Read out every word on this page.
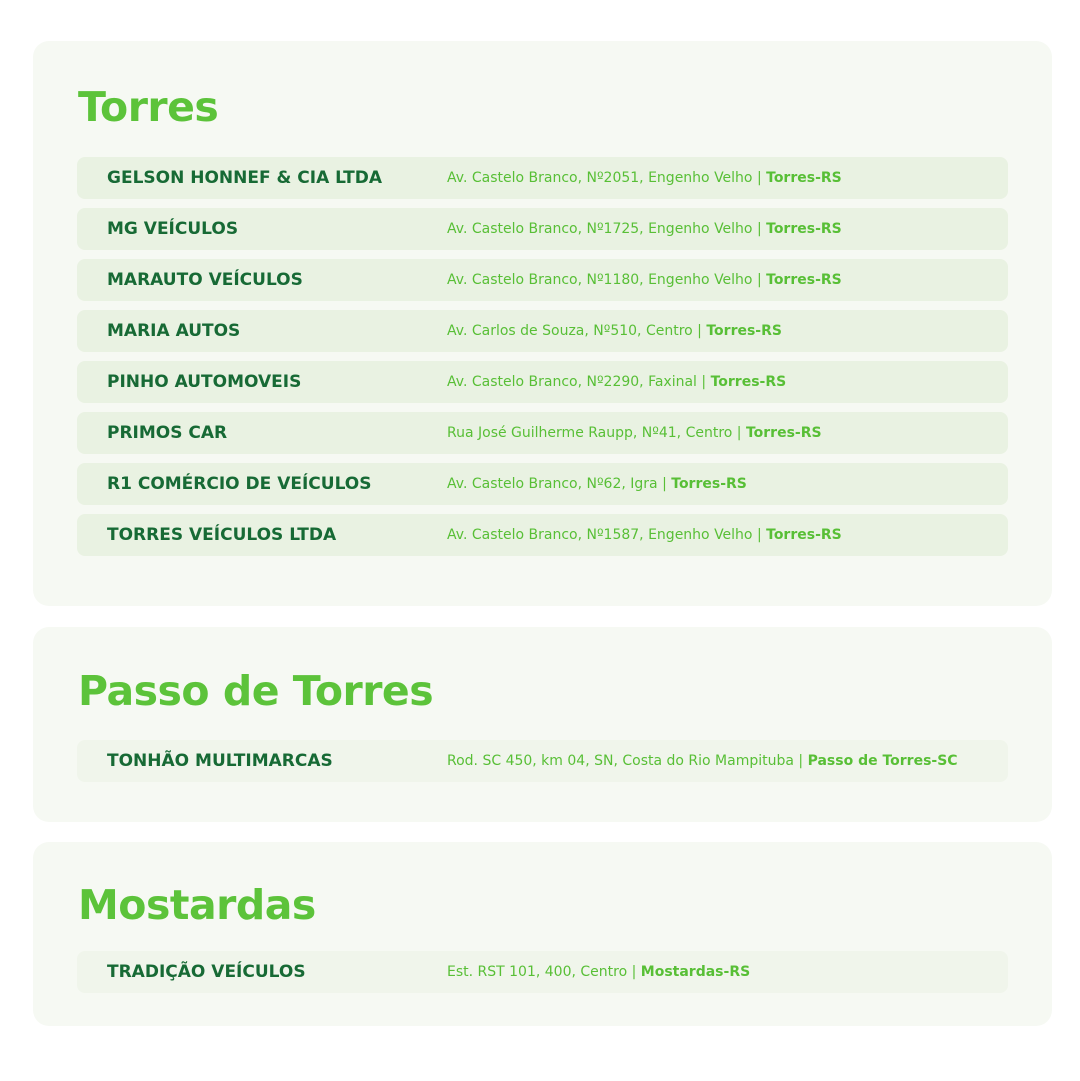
Torres
GELSON HONNEF & CIA LTDA	Av. Castelo Branco, Nº2051, Engenho Velho | Torres-RS
MG VEÍCULOS	Av. Castelo Branco, Nº1725, Engenho Velho | Torres-RS
MARAUTO VEÍCULOS	Av. Castelo Branco, Nº1180, Engenho Velho | Torres-RS
MARIA AUTOS	Av. Carlos de Souza, Nº510, Centro | Torres-RS
PINHO AUTOMOVEIS	Av. Castelo Branco, Nº2290, Faxinal | Torres-RS
PRIMOS CAR	Rua José Guilherme Raupp, Nº41, Centro | Torres-RS
R1 COMÉRCIO DE VEÍCULOS	Av. Castelo Branco, Nº62, Igra | Torres-RS
TORRES VEÍCULOS LTDA	Av. Castelo Branco, Nº1587, Engenho Velho | Torres-RS
Passo de Torres
TONHÃO MULTIMARCAS	Rod. SC 450, km 04, SN, Costa do Rio Mampituba | Passo de Torres-SC
Mostardas
TRADIÇÃO VEÍCULOS	Est. RST 101, 400, Centro | Mostardas-RS
